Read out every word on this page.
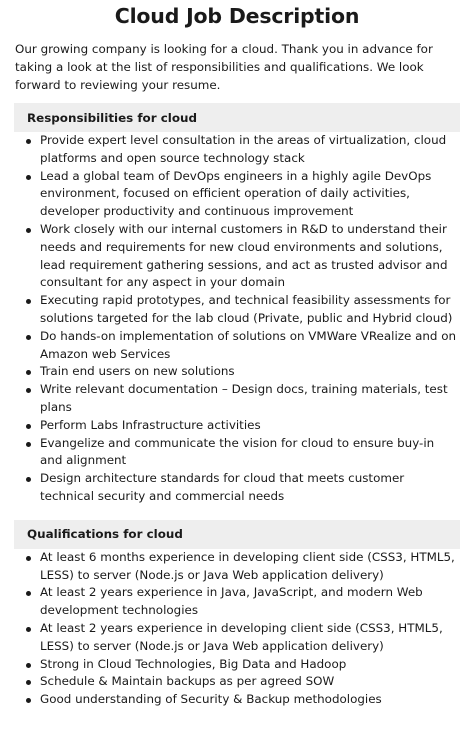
Cloud Job Description

Our growing company is looking for a cloud. Thank you in advance for taking a look at the list of responsibilities and qualifications. We look forward to reviewing your resume.

Responsibilities for cloud
Provide expert level consultation in the areas of virtualization, cloud platforms and open source technology stack
Lead a global team of DevOps engineers in a highly agile DevOps environment, focused on efficient operation of daily activities, developer productivity and continuous improvement
Work closely with our internal customers in R&D to understand their needs and requirements for new cloud environments and solutions, lead requirement gathering sessions, and act as trusted advisor and consultant for any aspect in your domain
Executing rapid prototypes, and technical feasibility assessments for solutions targeted for the lab cloud (Private, public and Hybrid cloud)
Do hands-on implementation of solutions on VMWare VRealize and on Amazon web Services
Train end users on new solutions
Write relevant documentation – Design docs, training materials, test plans
Perform Labs Infrastructure activities
Evangelize and communicate the vision for cloud to ensure buy-in and alignment
Design architecture standards for cloud that meets customer technical security and commercial needs
Qualifications for cloud
At least 6 months experience in developing client side (CSS3, HTML5, LESS) to server (Node.js or Java Web application delivery)
At least 2 years experience in Java, JavaScript, and modern Web development technologies
At least 2 years experience in developing client side (CSS3, HTML5, LESS) to server (Node.js or Java Web application delivery)
Strong in Cloud Technologies, Big Data and Hadoop
Schedule & Maintain backups as per agreed SOW
Good understanding of Security & Backup methodologies
